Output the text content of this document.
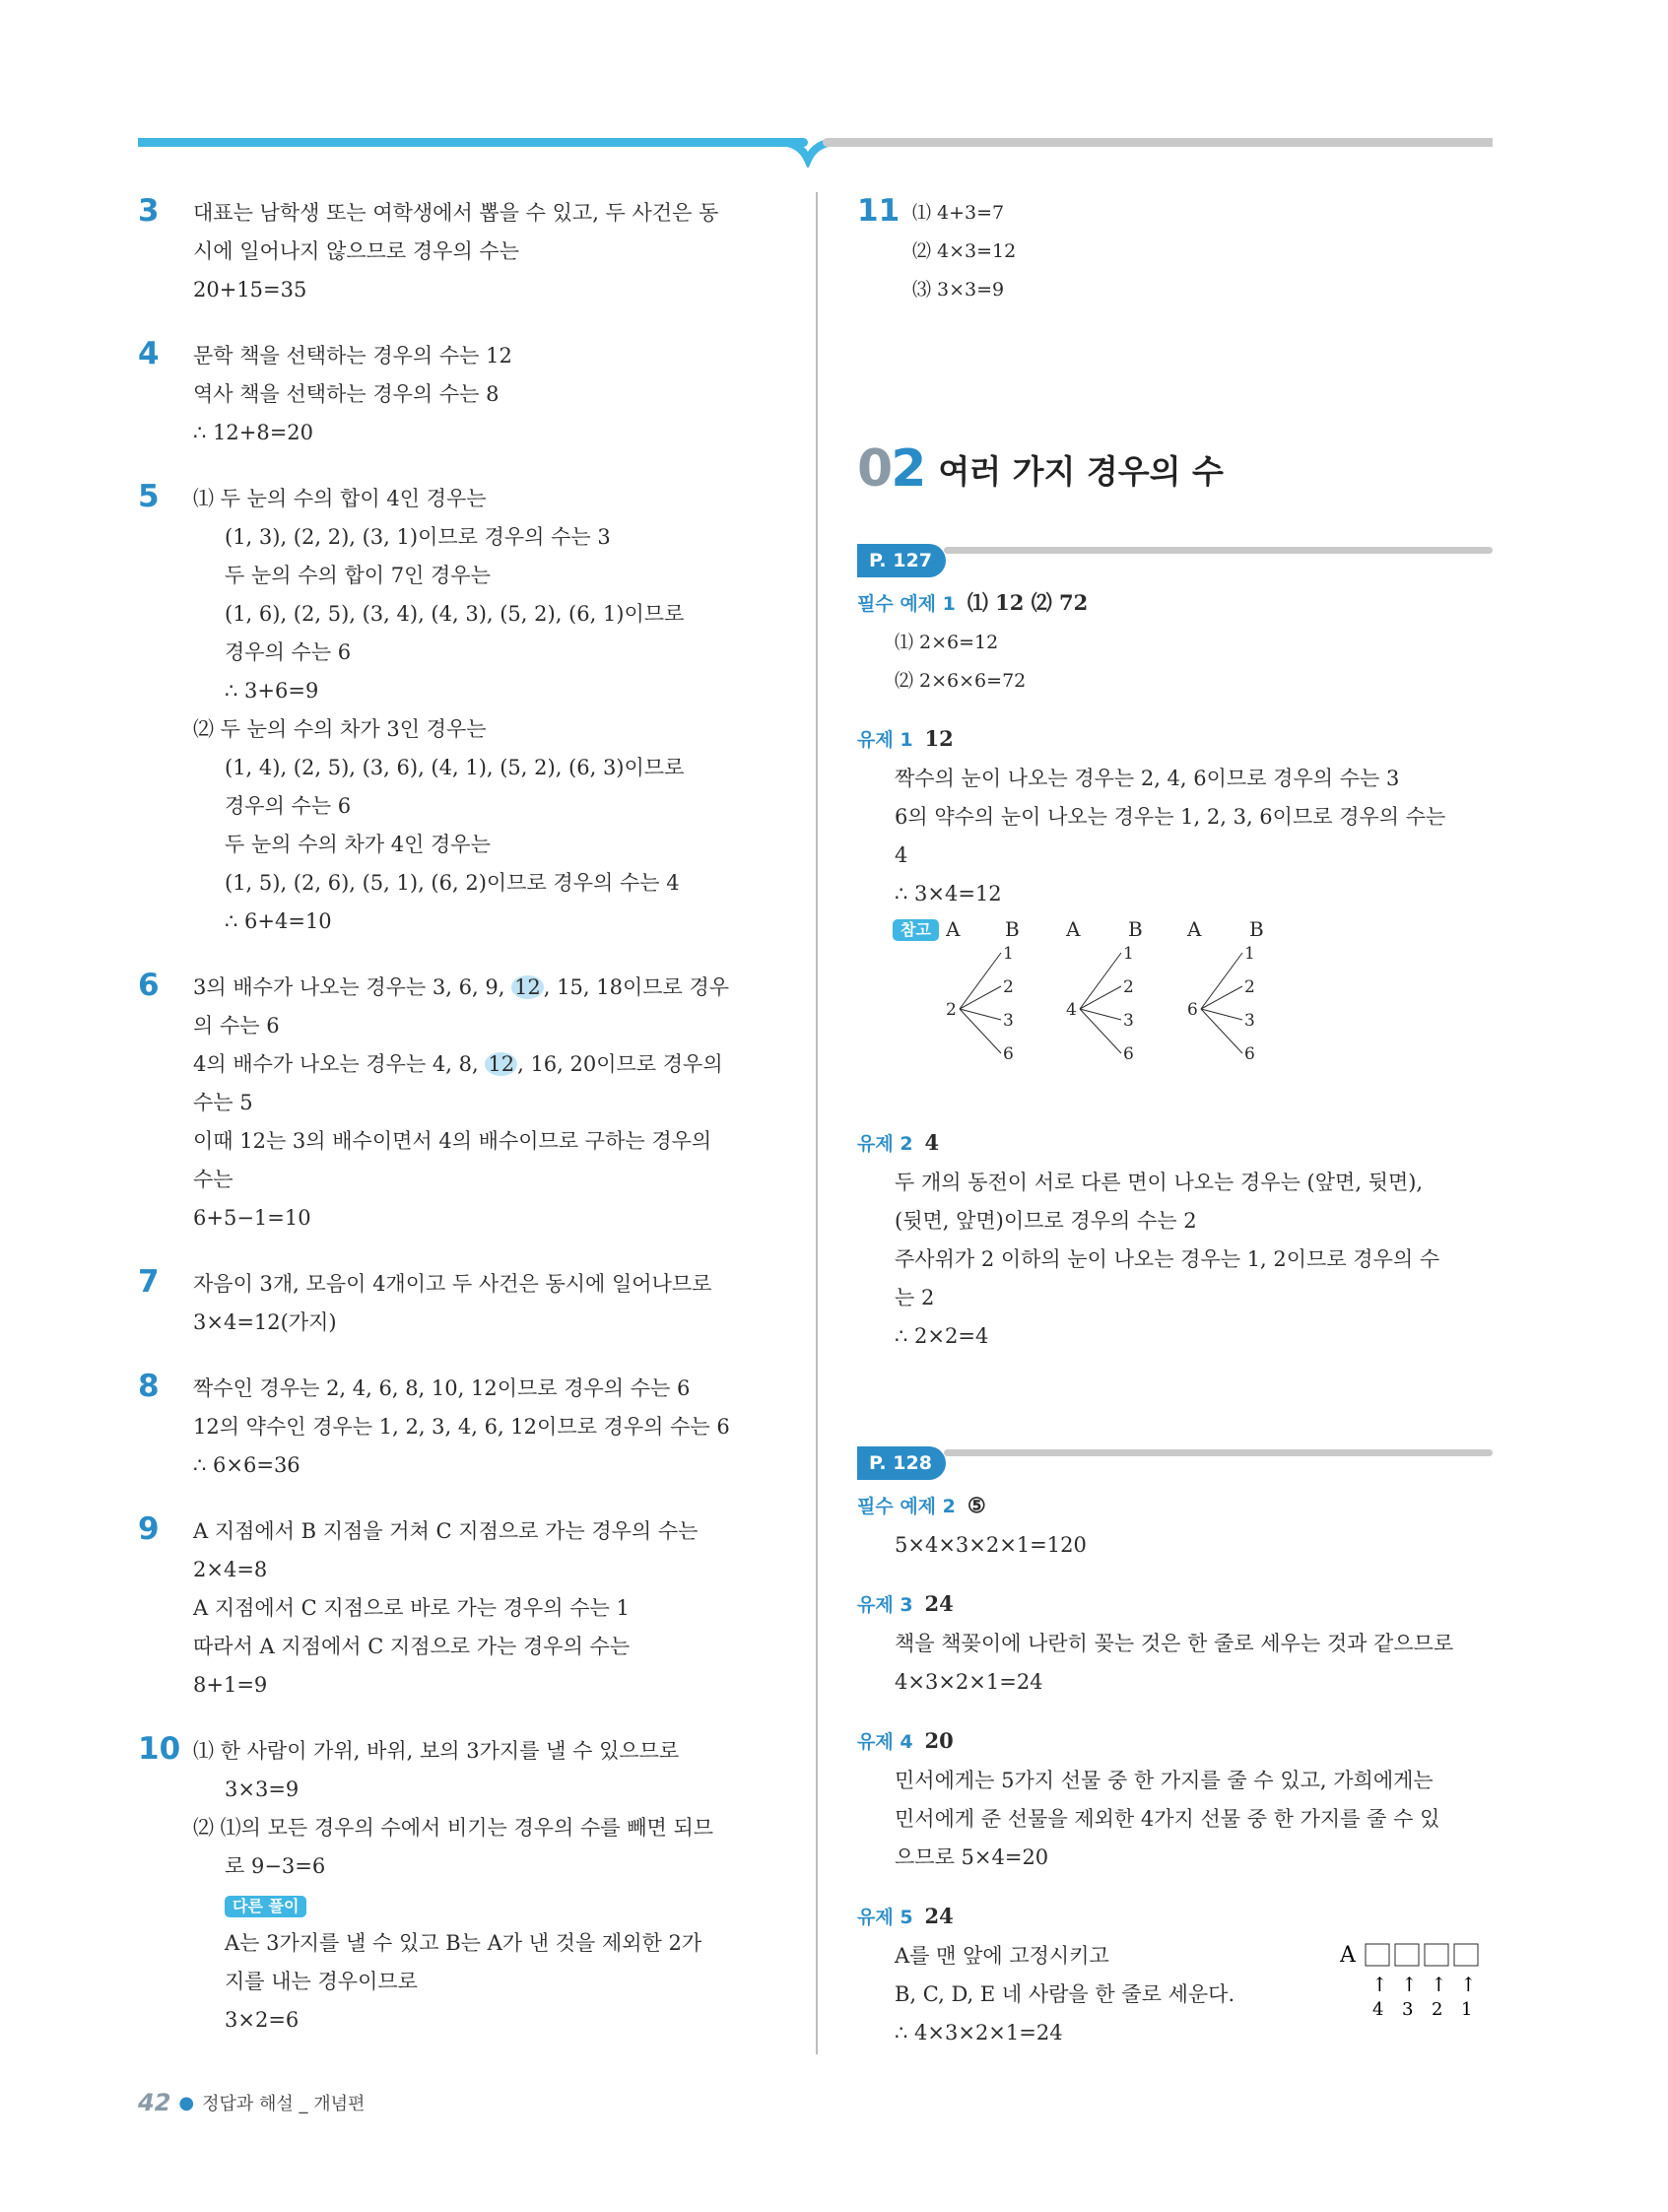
3 대표는 남학생 또는 여학생에서 뽑을 수 있고, 두 사건은 동
시에 일어나지 않으므로 경우의 수는
20+15=35
4 문학 책을 선택하는 경우의 수는 12
역사 책을 선택하는 경우의 수는 8
∴ 12+8=20
5 ⑴ 두 눈의 수의 합이 4인 경우는
(1, 3), (2, 2), (3, 1)이므로 경우의 수는 3
두 눈의 수의 합이 7인 경우는
(1, 6), (2, 5), (3, 4), (4, 3), (5, 2), (6, 1)이므로
경우의 수는 6
∴ 3+6=9
⑵ 두 눈의 수의 차가 3인 경우는
(1, 4), (2, 5), (3, 6), (4, 1), (5, 2), (6, 3)이므로
경우의 수는 6
두 눈의 수의 차가 4인 경우는
(1, 5), (2, 6), (5, 1), (6, 2)이므로 경우의 수는 4
∴ 6+4=10
6 3의 배수가 나오는 경우는 3, 6, 9, 12 , 15, 18이므로 경우
의 수는 6
4의 배수가 나오는 경우는 4, 8, 12 , 16, 20이므로 경우의
수는 5
이때 12는 3의 배수이면서 4의 배수이므로 구하는 경우의
수는
6+5−1=10
7 자음이 3개, 모음이 4개이고 두 사건은 동시에 일어나므로
3×4=12(가지)
8 짝수인 경우는 2, 4, 6, 8, 10, 12이므로 경우의 수는 6
12의 약수인 경우는 1, 2, 3, 4, 6, 12이므로 경우의 수는 6
∴ 6×6=36
9 A 지점에서 B 지점을 거쳐 C 지점으로 가는 경우의 수는
2×4=8
A 지점에서 C 지점으로 바로 가는 경우의 수는 1
따라서 A 지점에서 C 지점으로 가는 경우의 수는
8+1=9
10 ⑴ 한 사람이 가위, 바위, 보의 3가지를 낼 수 있으므로
3×3=9
⑵ ⑴의 모든 경우의 수에서 비기는 경우의 수를 빼면 되므
로 9−3=6
다른 풀이
A는 3가지를 낼 수 있고 B는 A가 낸 것을 제외한 2가
지를 내는 경우이므로
3×2=6
11 ⑴ 4+3=7
⑵ 4×3=12
⑶ 3×3=9
02 여러 가지 경우의 수
P. 127
필수 예제 1 ⑴ 12 ⑵ 72
⑴ 2×6=12
⑵ 2×6×6=72
유제 1 12
짝수의 눈이 나오는 경우는 2, 4, 6이므로 경우의 수는 3
6의 약수의 눈이 나오는 경우는 1, 2, 3, 6이므로 경우의 수는
4
∴ 3×4=12
참고 A B A B A B
2
1
2
3
6
4
1
2
3
6
6
1
2
3
6
유제 2 4
두 개의 동전이 서로 다른 면이 나오는 경우는 (앞면, 뒷면),
(뒷면, 앞면)이므로 경우의 수는 2
주사위가 2 이하의 눈이 나오는 경우는 1, 2이므로 경우의 수
는 2
∴ 2×2=4
P. 128
필수 예제 2 ⑤
5×4×3×2×1=120
유제 3 24
책을 책꽂이에 나란히 꽂는 것은 한 줄로 세우는 것과 같으므로
4×3×2×1=24
유제 4 20
민서에게는 5가지 선물 중 한 가지를 줄 수 있고, 가희에게는
민서에게 준 선물을 제외한 4가지 선물 중 한 가지를 줄 수 있
으므로 5×4=20
유제 5 24
A를 맨 앞에 고정시키고
B, C, D, E 네 사람을 한 줄로 세운다.
∴ 4×3×2×1=24
A
↑
4
↑
3
↑
2
↑
1
42 ● 정답과 해설 _ 개념편
